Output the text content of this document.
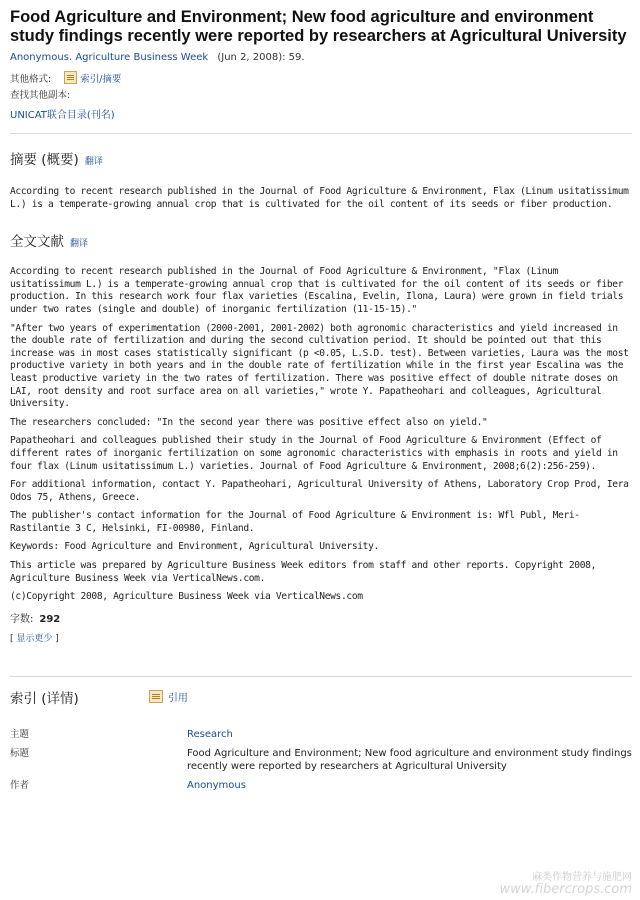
Food Agriculture and Environment; New food agriculture and environment study findings recently were reported by researchers at Agricultural University
Anonymous. Agriculture Business Week (Jun 2, 2008): 59.
其他格式:	索引/摘要
查找其他副本:
UNICAT联合目录(刊名)
摘要 (概要) 翻译

According to recent research published in the Journal of Food Agriculture & Environment, Flax (Linum usitatissimum L.) is a temperate-growing annual crop that is cultivated for the oil content of its seeds or fiber production.

全文文献 翻译

According to recent research published in the Journal of Food Agriculture & Environment, "Flax (Linum usitatissimum L.) is a temperate-growing annual crop that is cultivated for the oil content of its seeds or fiber production. In this research work four flax varieties (Escalina, Evelin, Ilona, Laura) were grown in field trials under two rates (single and double) of inorganic fertilization (11-15-15)."

"After two years of experimentation (2000-2001, 2001-2002) both agronomic characteristics and yield increased in the double rate of fertilization and during the second cultivation period. It should be pointed out that this increase was in most cases statistically significant (p <0.05, L.S.D. test). Between varieties, Laura was the most productive variety in both years and in the double rate of fertilization while in the first year Escalina was the least productive variety in the two rates of fertilization. There was positive effect of double nitrate doses on LAI, root density and root surface area on all varieties," wrote Y. Papatheohari and colleagues, Agricultural University.

The researchers concluded: "In the second year there was positive effect also on yield."

Papatheohari and colleagues published their study in the Journal of Food Agriculture & Environment (Effect of different rates of inorganic fertilization on some agronomic characteristics with emphasis in roots and yield in four flax (Linum usitatissimum L.) varieties. Journal of Food Agriculture & Environment, 2008;6(2):256-259).

For additional information, contact Y. Papatheohari, Agricultural University of Athens, Laboratory Crop Prod, Iera Odos 75, Athens, Greece.

The publisher's contact information for the Journal of Food Agriculture & Environment is: Wfl Publ, Meri-Rastilantie 3 C, Helsinki, FI-00980, Finland.

Keywords: Food Agriculture and Environment, Agricultural University.

This article was prepared by Agriculture Business Week editors from staff and other reports. Copyright 2008, Agriculture Business Week via VerticalNews.com.

(c)Copyright 2008, Agriculture Business Week via VerticalNews.com

字数: 292
[ 显示更少 ]
索引 (详情)	引用
主题	Research
标题	Food Agriculture and Environment; New food agriculture and environment study findings recently were reported by researchers at Agricultural University
作者	Anonymous
麻类作物营养与施肥网
www.fibercrops.com
